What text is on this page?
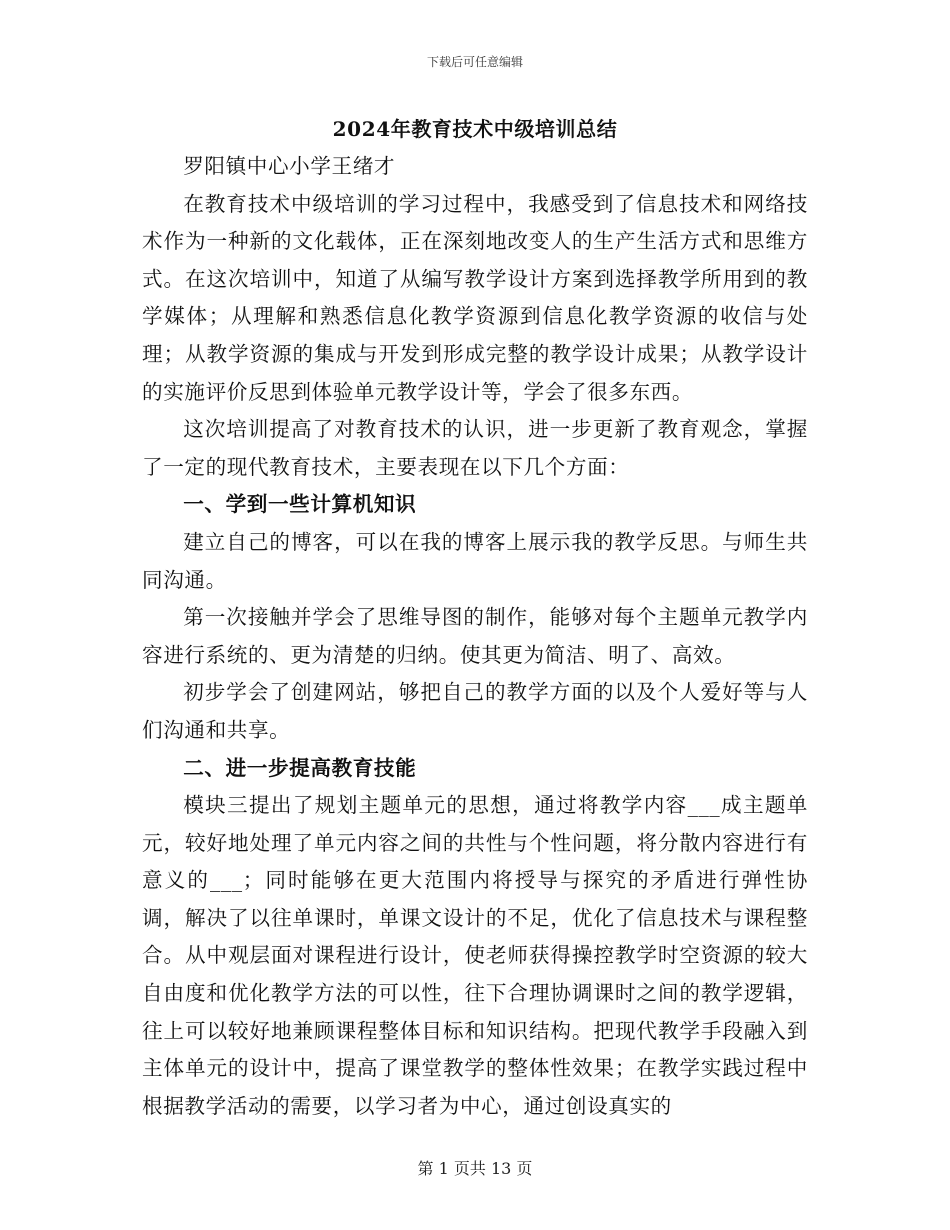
下载后可任意编辑
2024年教育技术中级培训总结

罗阳镇中心小学王绪才

在教育技术中级培训的学习过程中，我感受到了信息技术和网络技术作为一种新的文化载体，正在深刻地改变人的生产生活方式和思维方式。在这次培训中，知道了从编写教学设计方案到选择教学所用到的教学媒体；从理解和熟悉信息化教学资源到信息化教学资源的收信与处理；从教学资源的集成与开发到形成完整的教学设计成果；从教学设计的实施评价反思到体验单元教学设计等，学会了很多东西。

这次培训提高了对教育技术的认识，进一步更新了教育观念，掌握了一定的现代教育技术，主要表现在以下几个方面：

一、学到一些计算机知识

建立自己的博客，可以在我的博客上展示我的教学反思。与师生共同沟通。

第一次接触并学会了思维导图的制作，能够对每个主题单元教学内容进行系统的、更为清楚的归纳。使其更为简洁、明了、高效。

初步学会了创建网站，够把自己的教学方面的以及个人爱好等与人们沟通和共享。

二、进一步提高教育技能

模块三提出了规划主题单元的思想，通过将教学内容___成主题单元，较好地处理了单元内容之间的共性与个性问题，将分散内容进行有意义的___；同时能够在更大范围内将授导与探究的矛盾进行弹性协调，解决了以往单课时，单课文设计的不足，优化了信息技术与课程整合。从中观层面对课程进行设计，使老师获得操控教学时空资源的较大自由度和优化教学方法的可以性，往下合理协调课时之间的教学逻辑，往上可以较好地兼顾课程整体目标和知识结构。把现代教学手段融入到主体单元的设计中，提高了课堂教学的整体性效果；在教学实践过程中根据教学活动的需要，以学习者为中心，通过创设真实的

第 1 页共 13 页
